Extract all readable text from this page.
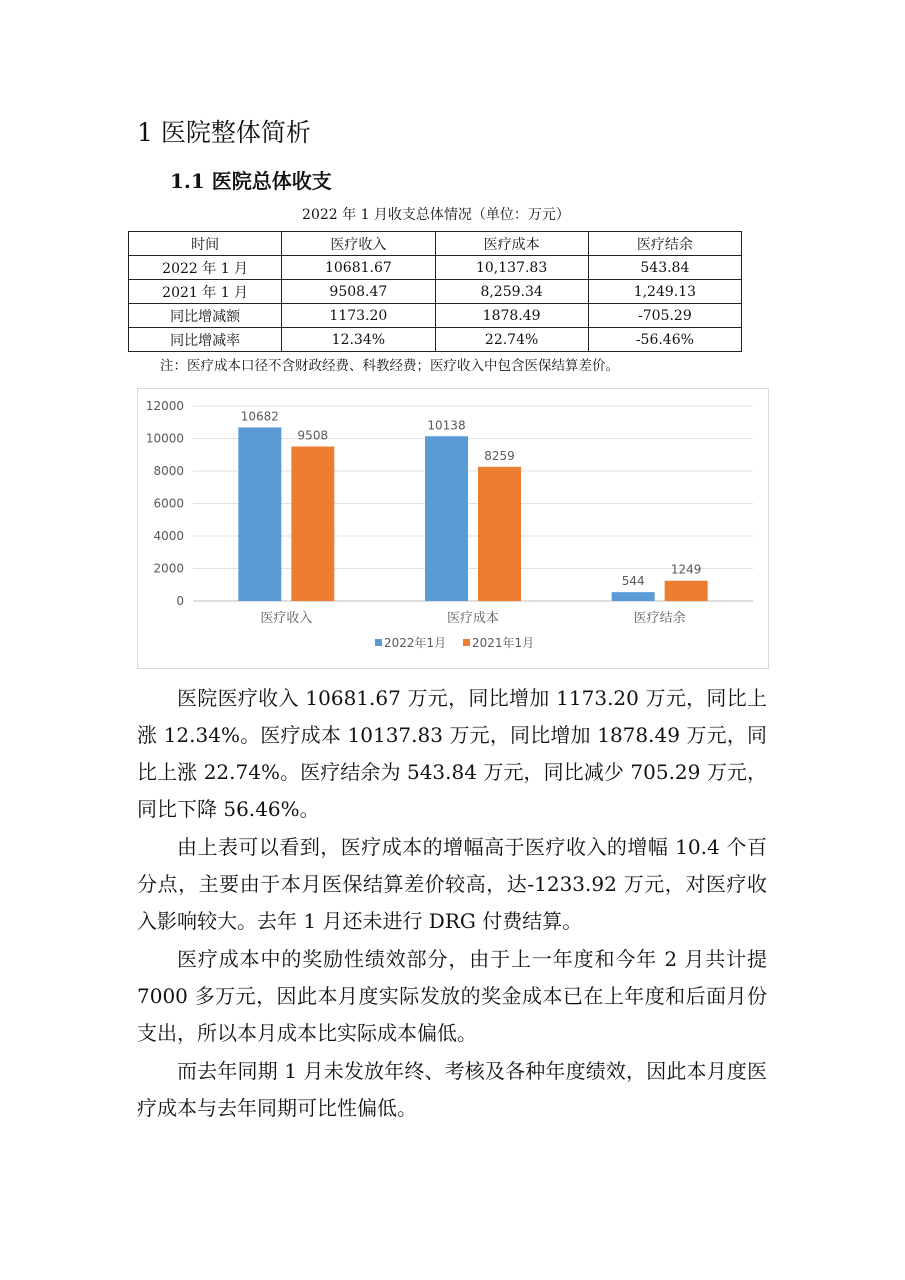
1 医院整体简析
1.1 医院总体收支
2022 年 1 月收支总体情况（单位：万元）
时间	医疗收入	医疗成本	医疗结余
2022 年 1 月	10681.67	10,137.83	543.84
2021 年 1 月	9508.47	8,259.34	1,249.13
同比增减额	1173.20	1878.49	-705.29
同比增减率	12.34%	22.74%	-56.46%
注：医疗成本口径不含财政经费、科教经费；医疗收入中包含医保结算差价。
0
2000
4000
6000
8000
10000
12000
10682
9508
医疗收入
10138
8259
医疗成本
544
1249
医疗结余
2022年1月 2021年1月

医院医疗收入 10681.67 万元，同比增加 1173.20 万元，同比上涨 12.34%。医疗成本 10137.83 万元，同比增加 1878.49 万元，同比上涨 22.74%。医疗结余为 543.84 万元，同比减少 705.29 万元，同比下降 56.46%。

由上表可以看到，医疗成本的增幅高于医疗收入的增幅 10.4 个百分点，主要由于本月医保结算差价较高，达-1233.92 万元，对医疗收入影响较大。去年 1 月还未进行 DRG 付费结算。

医疗成本中的奖励性绩效部分，由于上一年度和今年 2 月共计提 7000 多万元，因此本月度实际发放的奖金成本已在上年度和后面月份支出，所以本月成本比实际成本偏低。

而去年同期 1 月未发放年终、考核及各种年度绩效，因此本月度医疗成本与去年同期可比性偏低。
